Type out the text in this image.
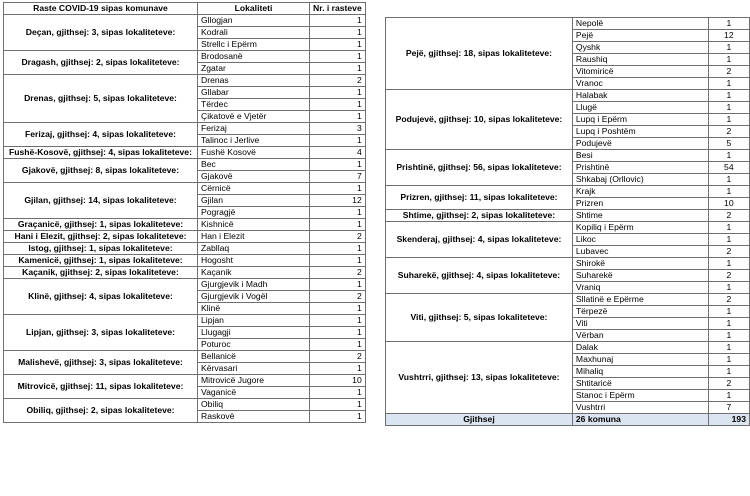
Raste COVID-19 sipas komunave	Lokaliteti	Nr. i rasteve
Deçan, gjithsej: 3, sipas lokaliteteve:	Gllogjan	1
	Kodrali	1
	Strellc i Epërm	1
Dragash, gjithsej: 2, sipas lokaliteteve:	Brodosanë	1
	Zgatar	1
Drenas, gjithsej: 5, sipas lokaliteteve:	Drenas	2
	Gllabar	1
	Tërdec	1
	Çikatovë e Vjetër	1
Ferizaj, gjithsej: 4, sipas lokaliteteve:	Ferizaj	3
	Talinoc i Jerlive	1
Fushë-Kosovë, gjithsej: 4, sipas lokaliteteve:	Fushë Kosovë	4
Gjakovë, gjithsej: 8, sipas lokaliteteve:	Bec	1
	Gjakovë	7
Gjilan, gjithsej: 14, sipas lokaliteteve:	Cërnicë	1
	Gjilan	12
	Pogragjë	1
Graçanicë, gjithsej: 1, sipas lokaliteteve:	Kishnicë	1
Hani i Elezit, gjithsej: 2, sipas lokaliteteve:	Han i Elezit	2
Istog, gjithsej: 1, sipas lokaliteteve:	Zabllaq	1
Kamenicë, gjithsej: 1, sipas lokaliteteve:	Hogosht	1
Kaçanik, gjithsej: 2, sipas lokaliteteve:	Kaçanik	2
Klinë, gjithsej: 4, sipas lokaliteteve:	Gjurgjevik i Madh	1
	Gjurgjevik i Vogël	2
	Klinë	1
Lipjan, gjithsej: 3, sipas lokaliteteve:	Lipjan	1
	Llugagji	1
	Poturoc	1
Malishevë, gjithsej: 3, sipas lokaliteteve:	Bellanicë	2
	Kërvasari	1
Mitrovicë, gjithsej: 11, sipas lokaliteteve:	Mitrovicë Jugore	10
	Vaganicë	1
Obiliq, gjithsej: 2, sipas lokaliteteve:	Obiliq	1
	Raskovë	1
Pejë, gjithsej: 18, sipas lokaliteteve:	Nepolë	1
	Pejë	12
	Qyshk	1
	Raushiq	1
	Vitomiricë	2
	Vranoc	1
Podujevë, gjithsej: 10, sipas lokaliteteve:	Halabak	1
	Llugë	1
	Lupq i Epërm	1
	Lupq i Poshtëm	2
	Podujevë	5
Prishtinë, gjithsej: 56, sipas lokaliteteve:	Besi	1
	Prishtinë	54
	Shkabaj (Orllovic)	1
Prizren, gjithsej: 11, sipas lokaliteteve:	Krajk	1
	Prizren	10
Shtime, gjithsej: 2, sipas lokaliteteve:	Shtime	2
Skenderaj, gjithsej: 4, sipas lokaliteteve:	Kopiliq i Epërm	1
	Likoc	1
	Lubavec	2
Suharekë, gjithsej: 4, sipas lokaliteteve:	Shirokë	1
	Suharekë	2
	Vraniq	1
Viti, gjithsej: 5, sipas lokaliteteve:	Sllatinë e Epërme	2
	Tërpezë	1
	Viti	1
	Vërban	1
Vushtrri, gjithsej: 13, sipas lokaliteteve:	Dalak	1
	Maxhunaj	1
	Mihaliq	1
	Shtitaricë	2
	Stanoc i Epërm	1
	Vushtrri	7
Gjithsej	26 komuna	193
